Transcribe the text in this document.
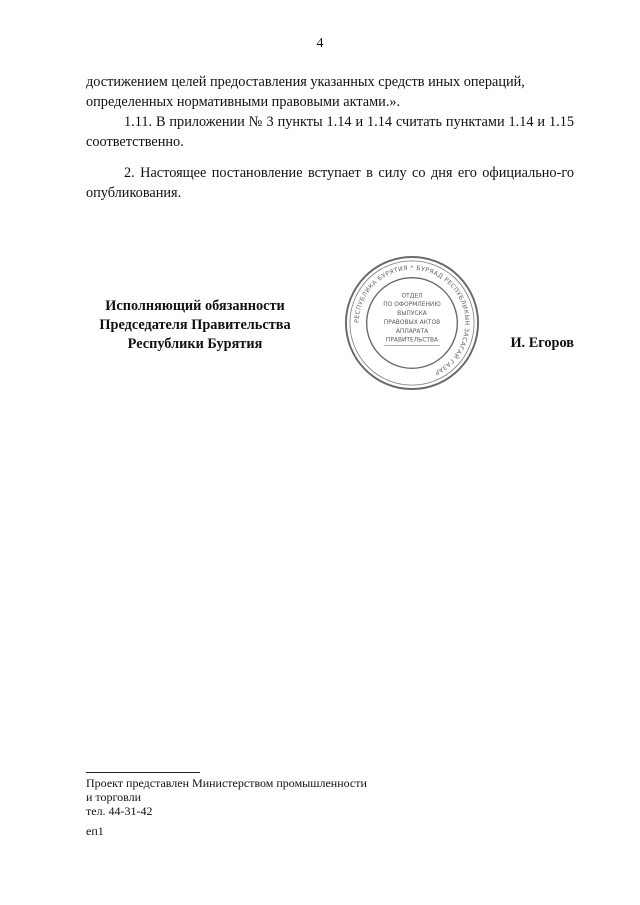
4
достижением целей предоставления указанных средств иных операций,
определенных нормативными правовыми актами.».
1.11. В приложении № 3 пункты 1.14 и 1.14 считать пунктами 1.14 и 1.15 соответственно.
2. Настоящее постановление вступает в силу со дня его официально-го опубликования.
Исполняющий обязанности
Председателя Правительства
Республики Бурятия
РЕСПУБЛИКА БУРЯТИЯ * БУРЯАД РЕСПУБЛИКЫН ЗАСАГАЙ ГАЗАР
ОТДЕЛ
ПО ОФОРМЛЕНИЮ
ВЫПУСКА
ПРАВОВЫХ АКТОВ
АППАРАТА
ПРАВИТЕЛЬСТВА	И. Егоров
Проект представлен Министерством промышленности
и торговли
тел. 44-31-42
еп1
